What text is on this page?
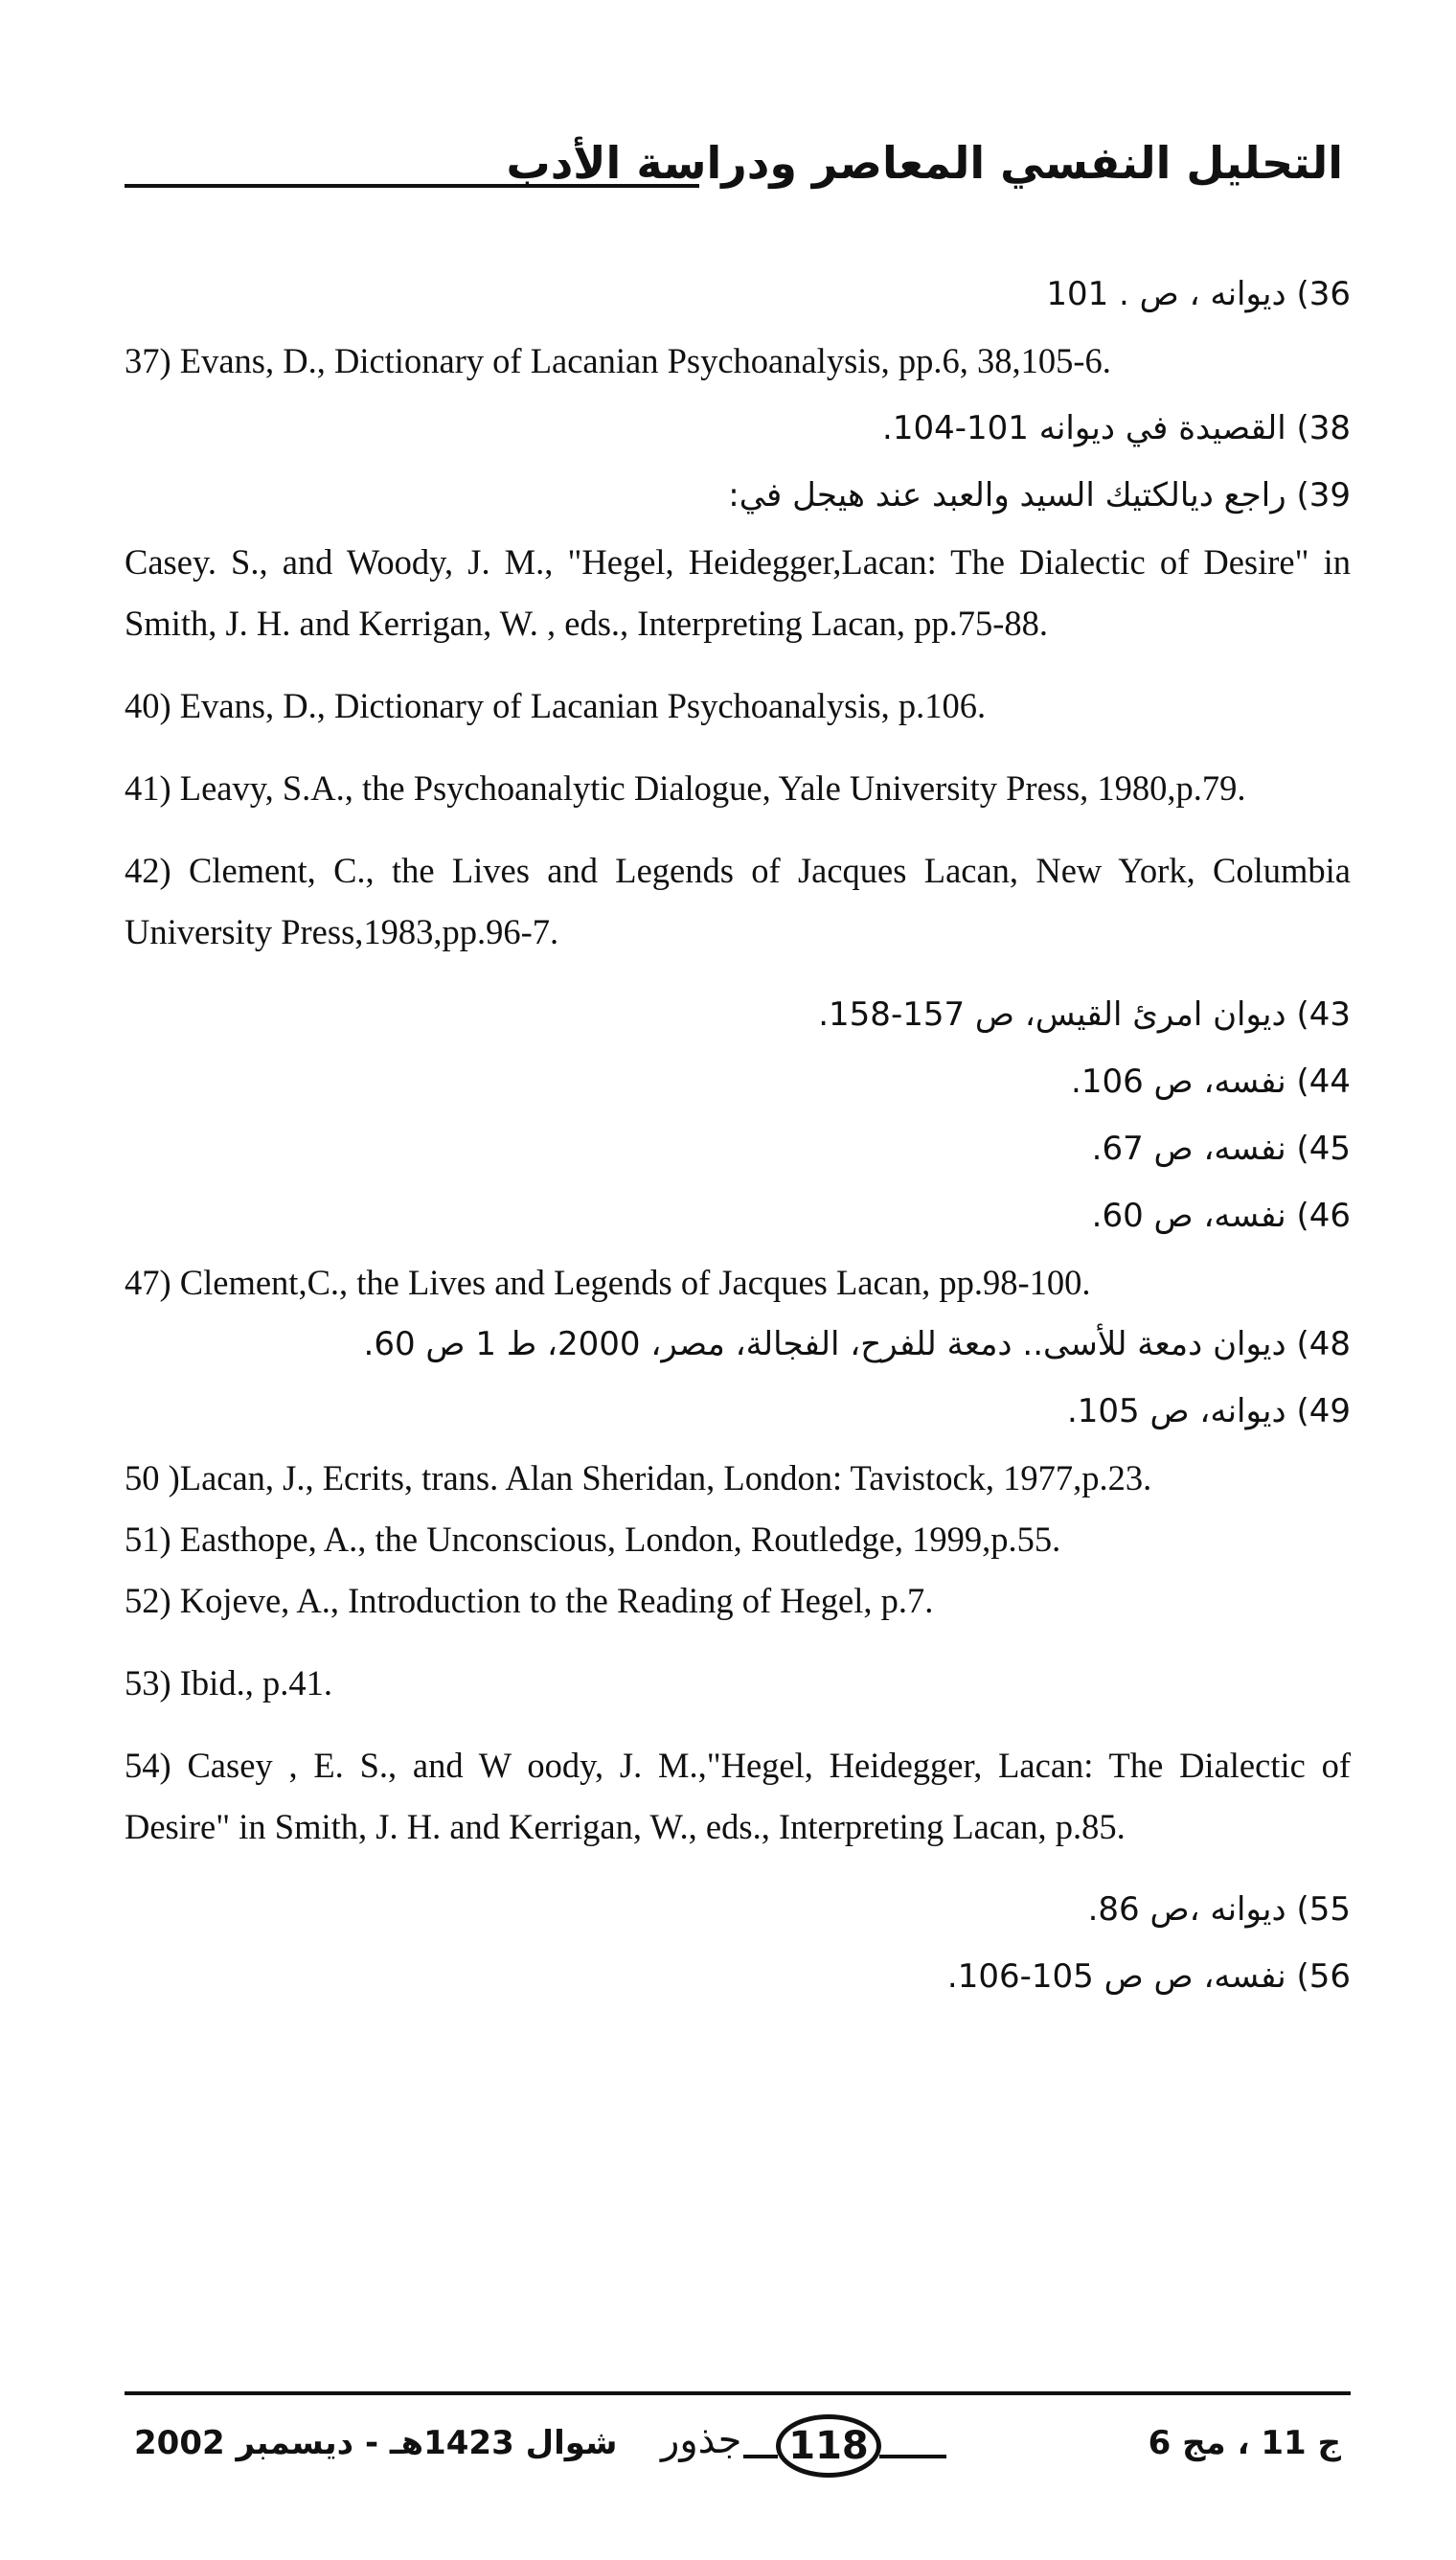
التحليل النفسي المعاصر ودراسة الأدب

36) ديوانه ، ص . 101

37) Evans, D., Dictionary of Lacanian Psychoanalysis, pp.6, 38,105-6.

38) القصيدة في ديوانه 101-104.

39) راجع ديالكتيك السيد والعبد عند هيجل في:

Casey. S., and Woody, J. M., "Hegel, Heidegger,Lacan: The Dialectic of Desire" in Smith, J. H. and Kerrigan, W. , eds., Interpreting Lacan, pp.75-88.

40) Evans, D., Dictionary of Lacanian Psychoanalysis, p.106.

41) Leavy, S.A., the Psychoanalytic Dialogue, Yale University Press, 1980,p.79.

42) Clement, C., the Lives and Legends of Jacques Lacan, New York, Columbia University Press,1983,pp.96-7.

43) ديوان امرئ القيس، ص 157-158.

44) نفسه، ص 106.

45) نفسه، ص 67.

46) نفسه، ص 60.

47) Clement,C., the Lives and Legends of Jacques Lacan, pp.98-100.

48) ديوان دمعة للأسى.. دمعة للفرح، الفجالة، مصر، 2000، ط 1 ص 60.

49) ديوانه، ص 105.

50 )Lacan, J., Ecrits, trans. Alan Sheridan, London: Tavistock, 1977,p.23.

51) Easthope, A., the Unconscious, London, Routledge, 1999,p.55.

52) Kojeve, A., Introduction to the Reading of Hegel, p.7.

53) Ibid., p.41.

54) Casey , E. S., and W oody, J. M.,"Hegel, Heidegger, Lacan: The Dialectic of Desire" in Smith, J. H. and Kerrigan, W., eds., Interpreting Lacan, p.85.

55) ديوانه ،ص 86.

56) نفسه، ص ص 105-106.

شوال 1423هـ - ديسمبر 2002 جذور	118	ج 11 ، مج 6
